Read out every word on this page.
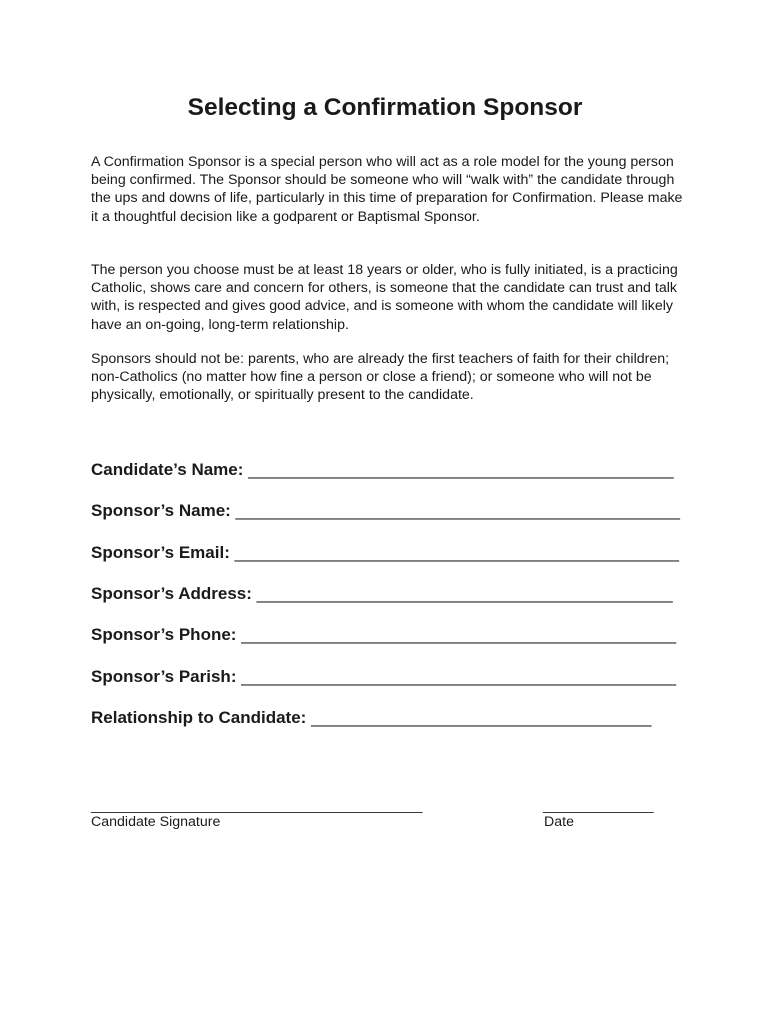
Selecting a Confirmation Sponsor

A Confirmation Sponsor is a special person who will act as a role model for the young person being confirmed. The Sponsor should be someone who will “walk with” the candidate through the ups and downs of life, particularly in this time of preparation for Confirmation. Please make it a thoughtful decision like a godparent or Baptismal Sponsor.

The person you choose must be at least 18 years or older, who is fully initiated, is a practicing Catholic, shows care and concern for others, is someone that the candidate can trust and talk with, is respected and gives good advice, and is someone with whom the candidate will likely have an on-going, long-term relationship.

Sponsors should not be: parents, who are already the first teachers of faith for their children; non-Catholics (no matter how fine a person or close a friend); or someone who will not be physically, emotionally, or spiritually present to the candidate.

Candidate’s Name: _____________________________________________
Sponsor’s Name: _______________________________________________
Sponsor’s Email: _______________________________________________
Sponsor’s Address: ____________________________________________
Sponsor’s Phone: ______________________________________________
Sponsor’s Parish: ______________________________________________
Relationship to Candidate: ____________________________________
__________________________________________	______________
Candidate Signature	Date
